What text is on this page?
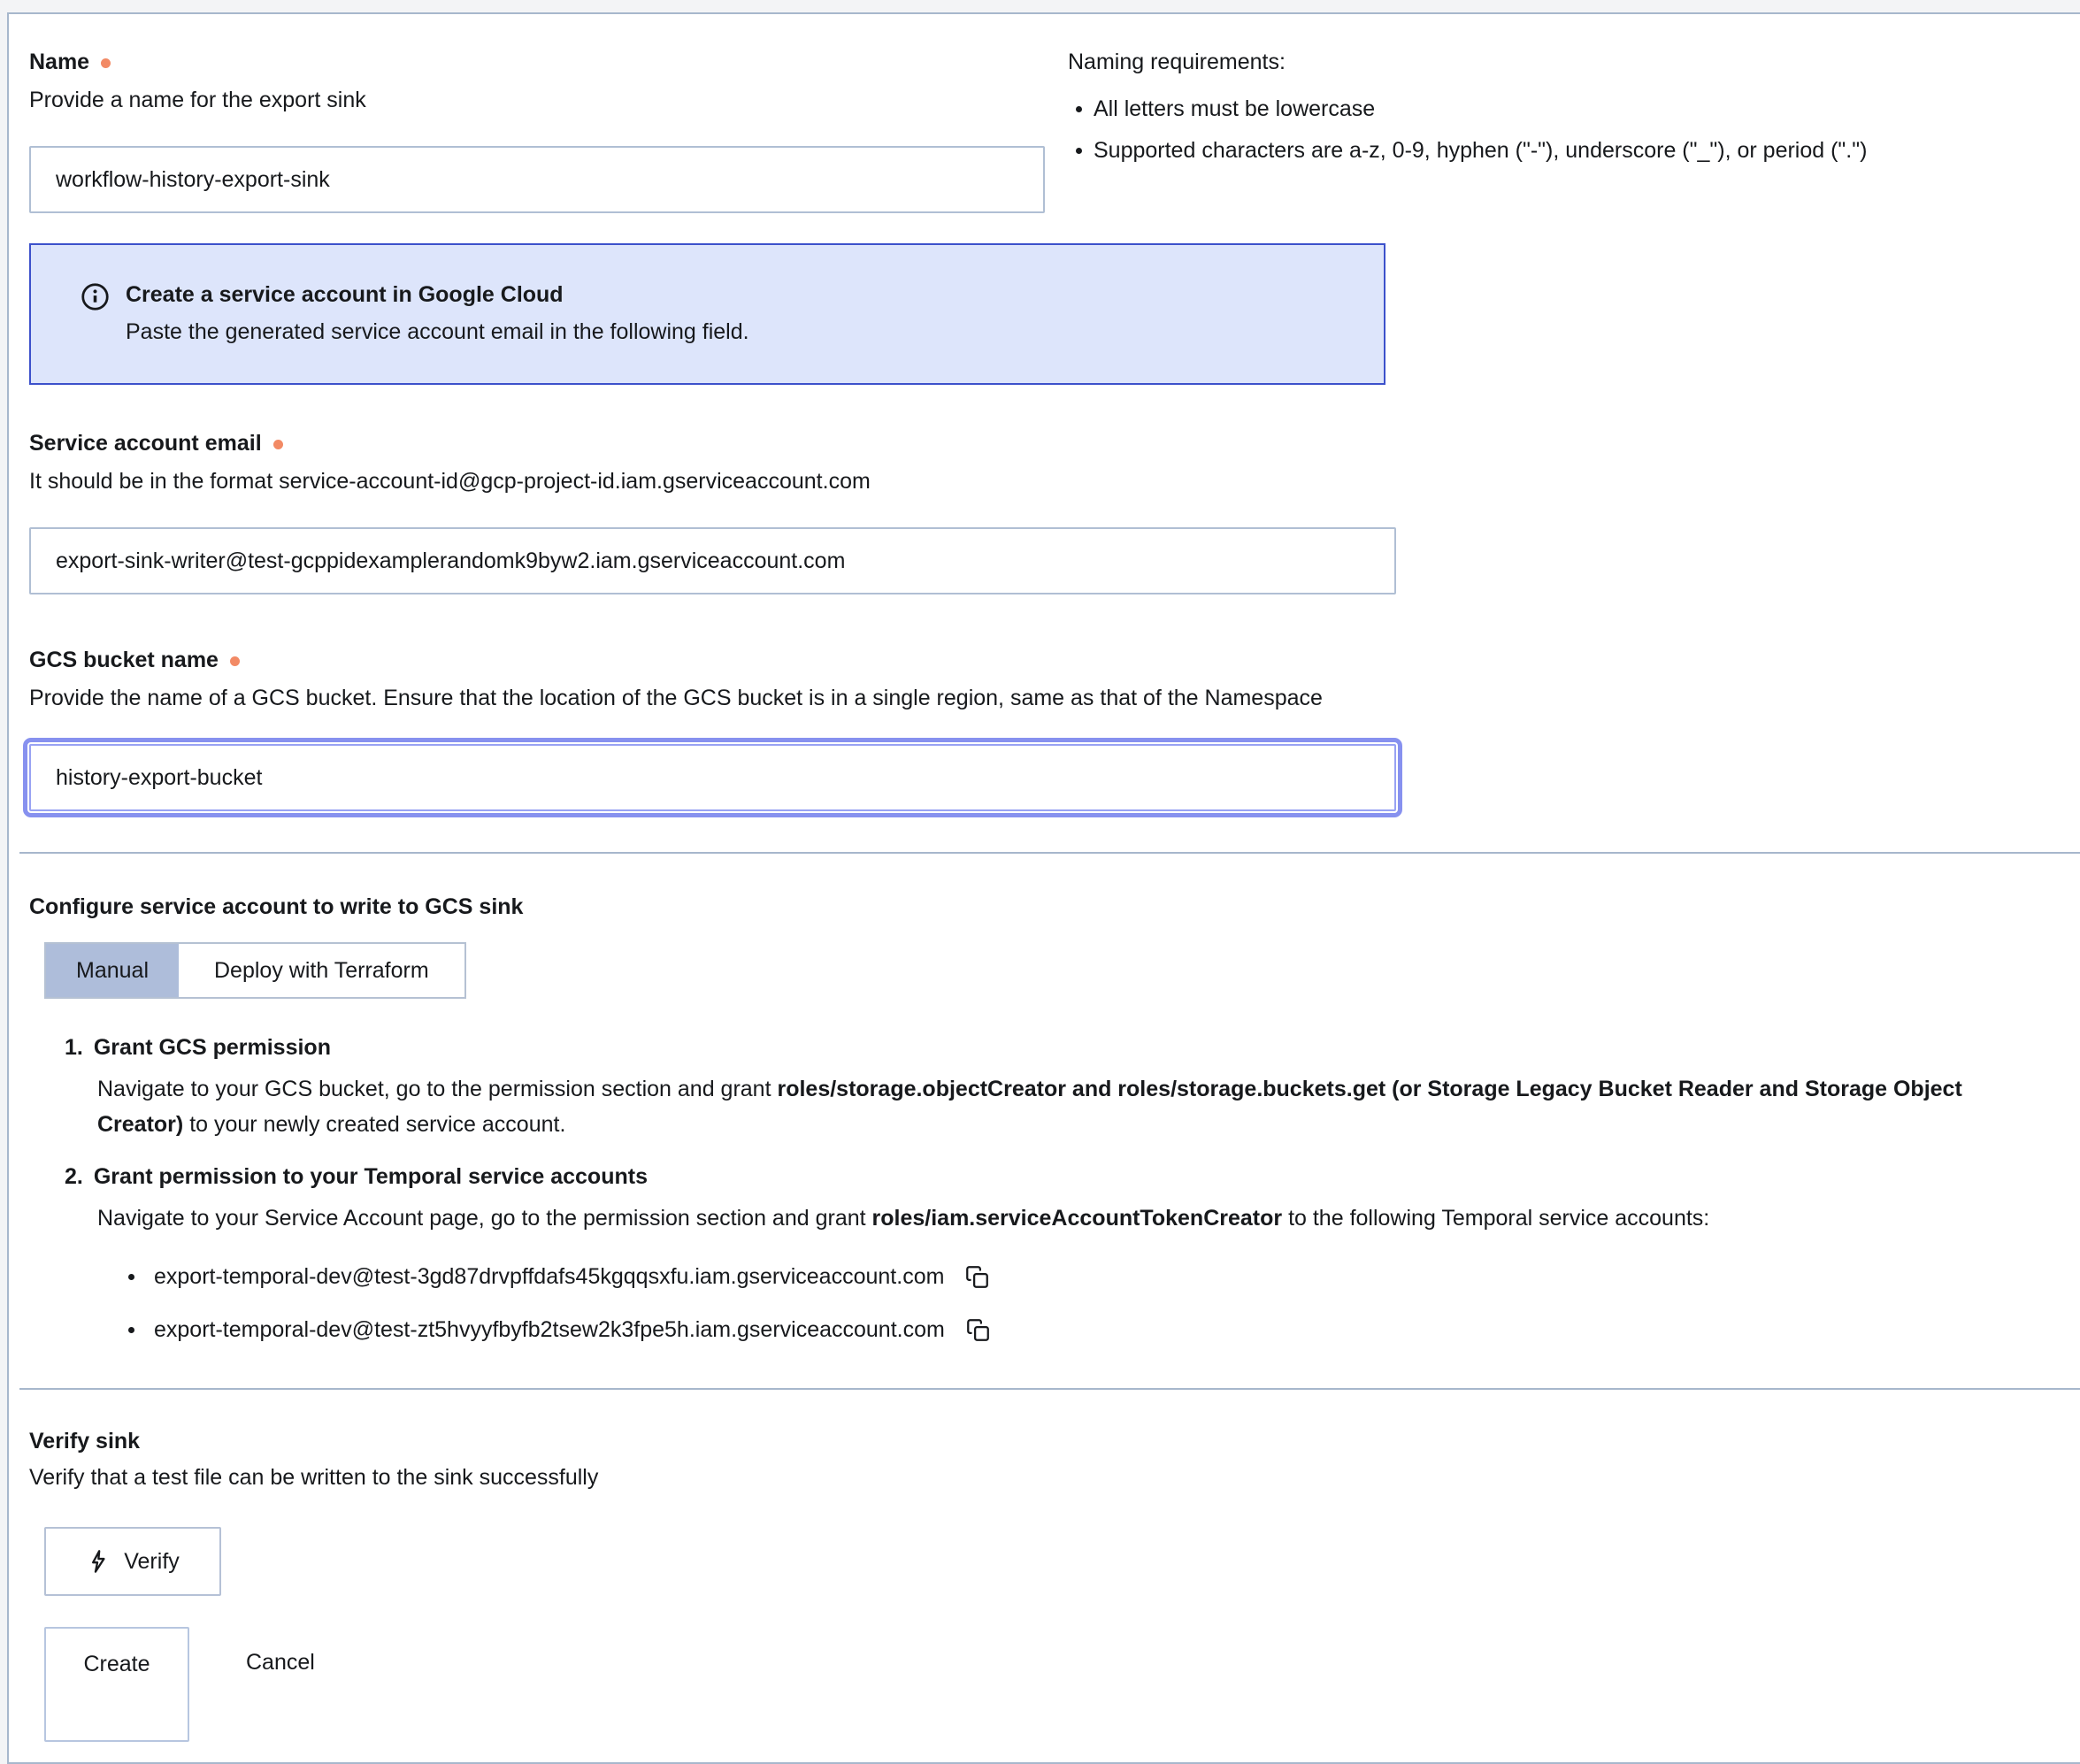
Name
Provide a name for the export sink
workflow-history-export-sink
Naming requirements:
All letters must be lowercase
Supported characters are a-z, 0-9, hyphen ("-"), underscore ("_"), or period (".")
Create a service account in Google Cloud
Paste the generated service account email in the following field.
Service account email
It should be in the format service-account-id@gcp-project-id.iam.gserviceaccount.com
export-sink-writer@test-gcppidexamplerandomk9byw2.iam.gserviceaccount.com
GCS bucket name
Provide the name of a GCS bucket. Ensure that the location of the GCS bucket is in a single region, same as that of the Namespace
history-export-bucket
Configure service account to write to GCS sink
Manual	Deploy with Terraform
1. Grant GCS permission
Navigate to your GCS bucket, go to the permission section and grant roles/storage.objectCreator and roles/storage.buckets.get (or Storage Legacy Bucket Reader and Storage Object Creator) to your newly created service account.
2. Grant permission to your Temporal service accounts
Navigate to your Service Account page, go to the permission section and grant roles/iam.serviceAccountTokenCreator to the following Temporal service accounts:
export-temporal-dev@test-3gd87drvpffdafs45kgqqsxfu.iam.gserviceaccount.com
export-temporal-dev@test-zt5hvyyfbyfb2tsew2k3fpe5h.iam.gserviceaccount.com
Verify sink
Verify that a test file can be written to the sink successfully
Verify
Create	Cancel
